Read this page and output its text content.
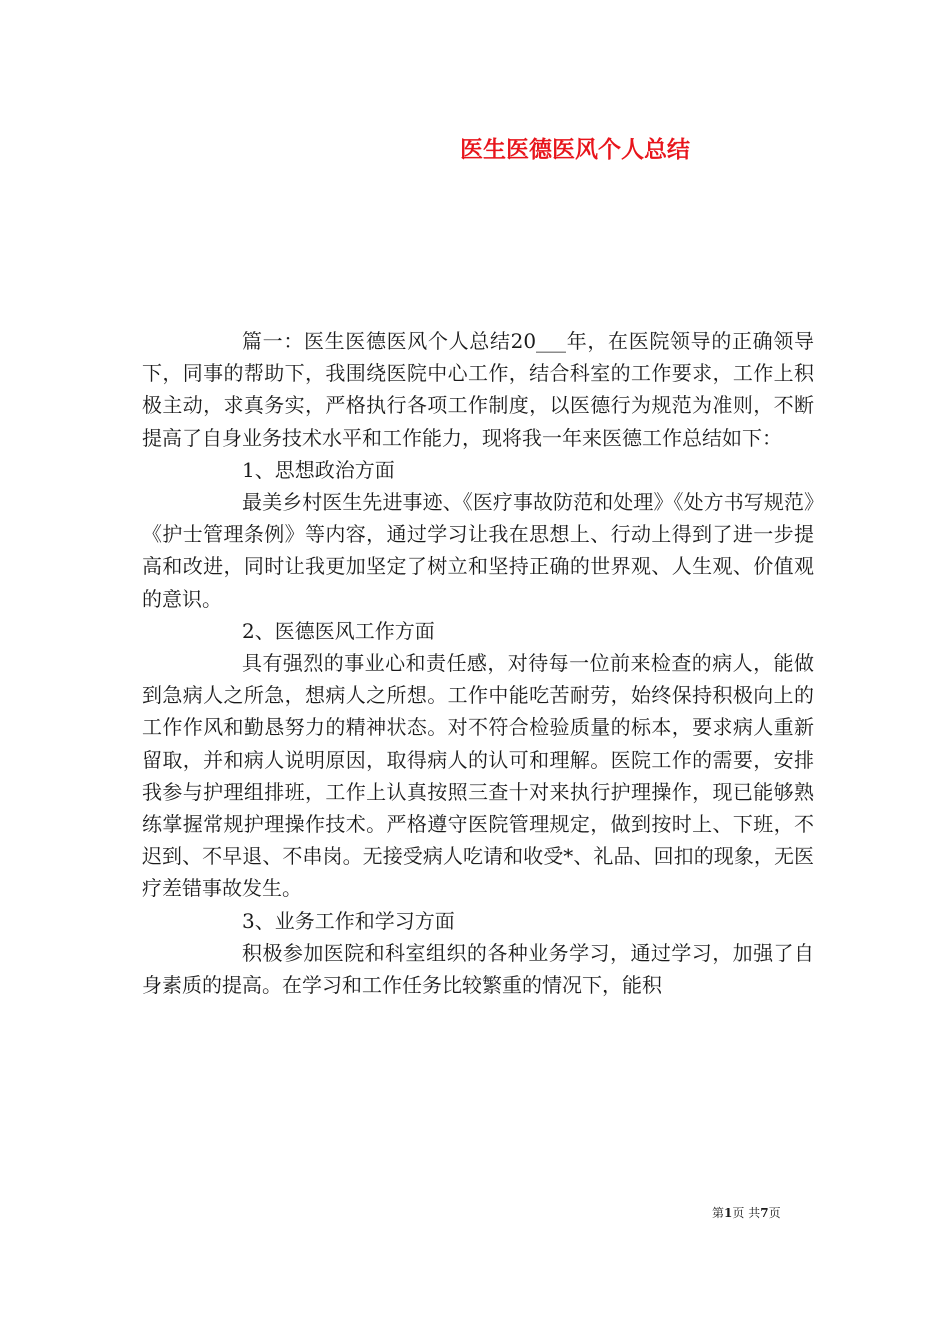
医生医德医风个人总结

篇一：医生医德医风个人总结20___年，在医院领导的正确领导下，同事的帮助下，我围绕医院中心工作，结合科室的工作要求，工作上积极主动，求真务实，严格执行各项工作制度，以医德行为规范为准则，不断提高了自身业务技术水平和工作能力，现将我一年来医德工作总结如下：

1、思想政治方面

最美乡村医生先进事迹、《医疗事故防范和处理》《处方书写规范》《护士管理条例》等内容，通过学习让我在思想上、行动上得到了进一步提高和改进，同时让我更加坚定了树立和坚持正确的世界观、人生观、价值观的意识。

2、医德医风工作方面

具有强烈的事业心和责任感，对待每一位前来检查的病人，能做到急病人之所急，想病人之所想。工作中能吃苦耐劳，始终保持积极向上的工作作风和勤恳努力的精神状态。对不符合检验质量的标本，要求病人重新留取，并和病人说明原因，取得病人的认可和理解。医院工作的需要，安排我参与护理组排班，工作上认真按照三查十对来执行护理操作，现已能够熟练掌握常规护理操作技术。严格遵守医院管理规定，做到按时上、下班，不迟到、不早退、不串岗。无接受病人吃请和收受*、礼品、回扣的现象，无医疗差错事故发生。

3、业务工作和学习方面

积极参加医院和科室组织的各种业务学习，通过学习，加强了自身素质的提高。在学习和工作任务比较繁重的情况下，能积

第1页 共7页
